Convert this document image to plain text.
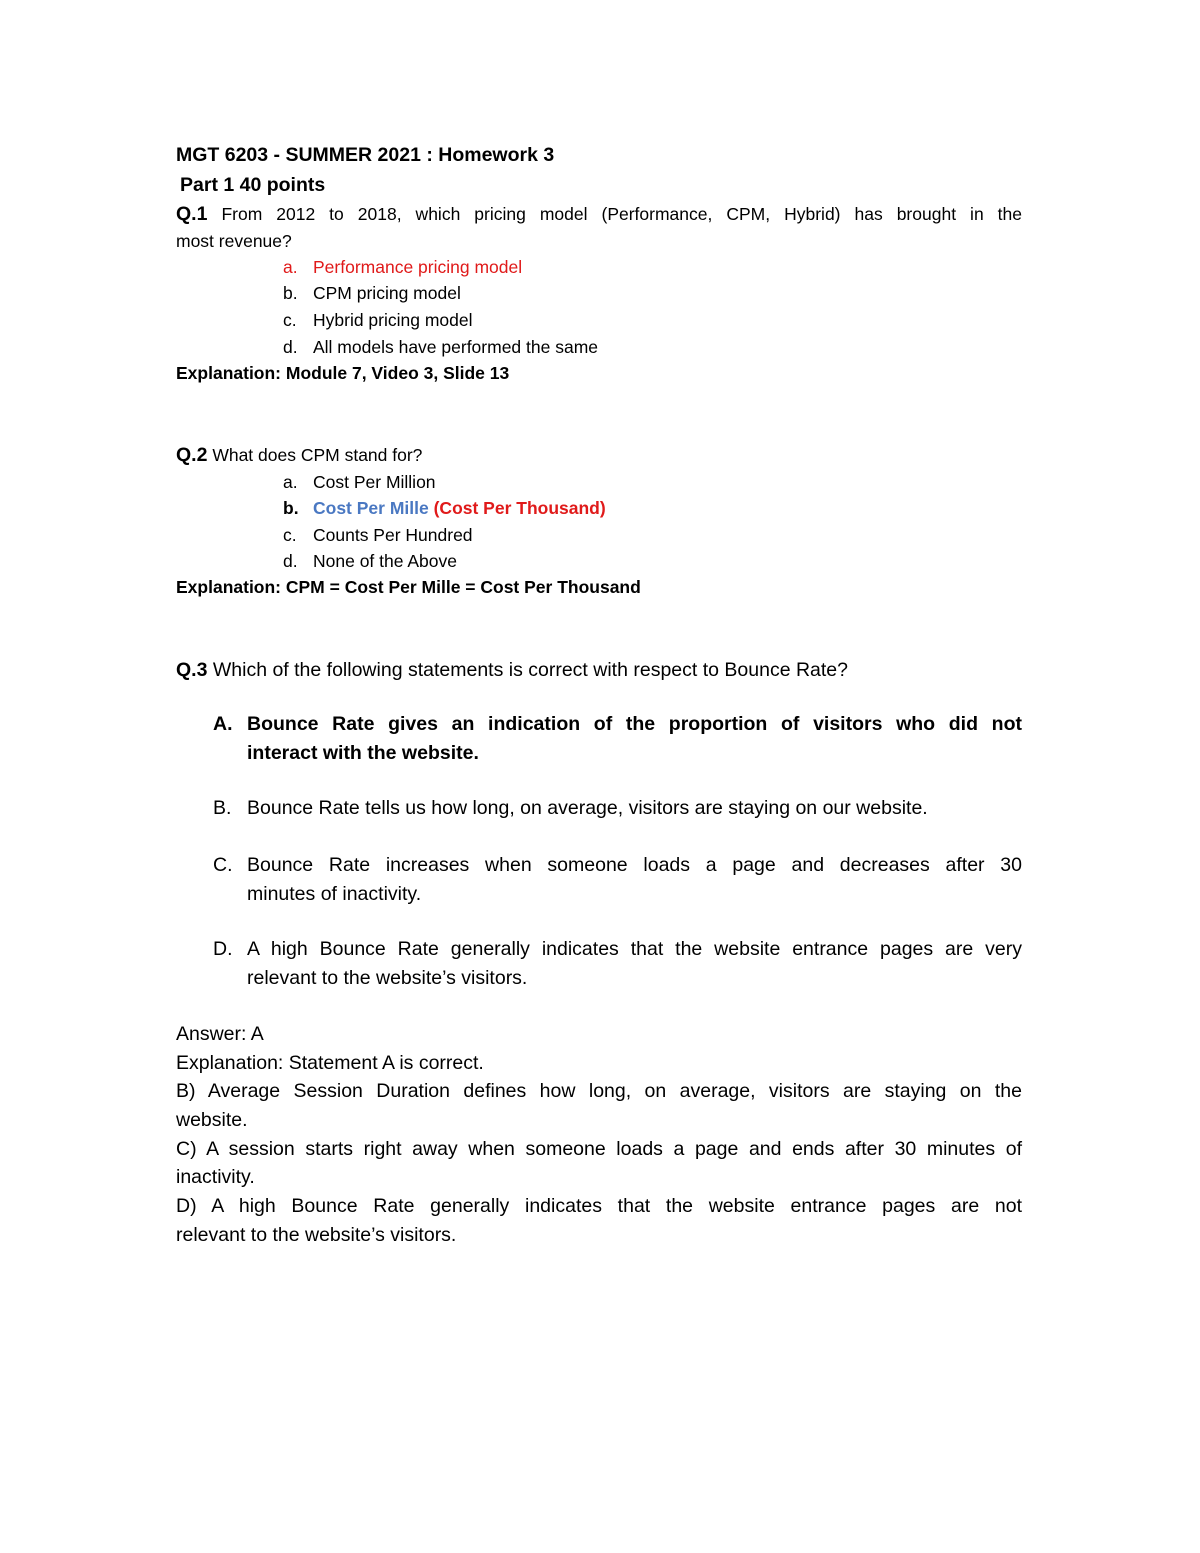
MGT 6203 - SUMMER 2021 : Homework 3
Part 1 40 points
Q.1 From 2012 to 2018, which pricing model (Performance, CPM, Hybrid) has brought in the
most revenue?
a. Performance pricing model
b. CPM pricing model
c. Hybrid pricing model
d. All models have performed the same
Explanation: Module 7, Video 3, Slide 13
Q.2 What does CPM stand for?
a. Cost Per Million
b. Cost Per Mille (Cost Per Thousand)
c. Counts Per Hundred
d. None of the Above
Explanation: CPM = Cost Per Mille = Cost Per Thousand
Q.3 Which of the following statements is correct with respect to Bounce Rate?
A. Bounce Rate gives an indication of the proportion of visitors who did not
interact with the website.
B. Bounce Rate tells us how long, on average, visitors are staying on our website.
C. Bounce Rate increases when someone loads a page and decreases after 30
minutes of inactivity.
D. A high Bounce Rate generally indicates that the website entrance pages are very
relevant to the website’s visitors.
Answer: A
Explanation: Statement A is correct.
B) Average Session Duration defines how long, on average, visitors are staying on the
website.
C) A session starts right away when someone loads a page and ends after 30 minutes of
inactivity.
D) A high Bounce Rate generally indicates that the website entrance pages are not
relevant to the website’s visitors.
